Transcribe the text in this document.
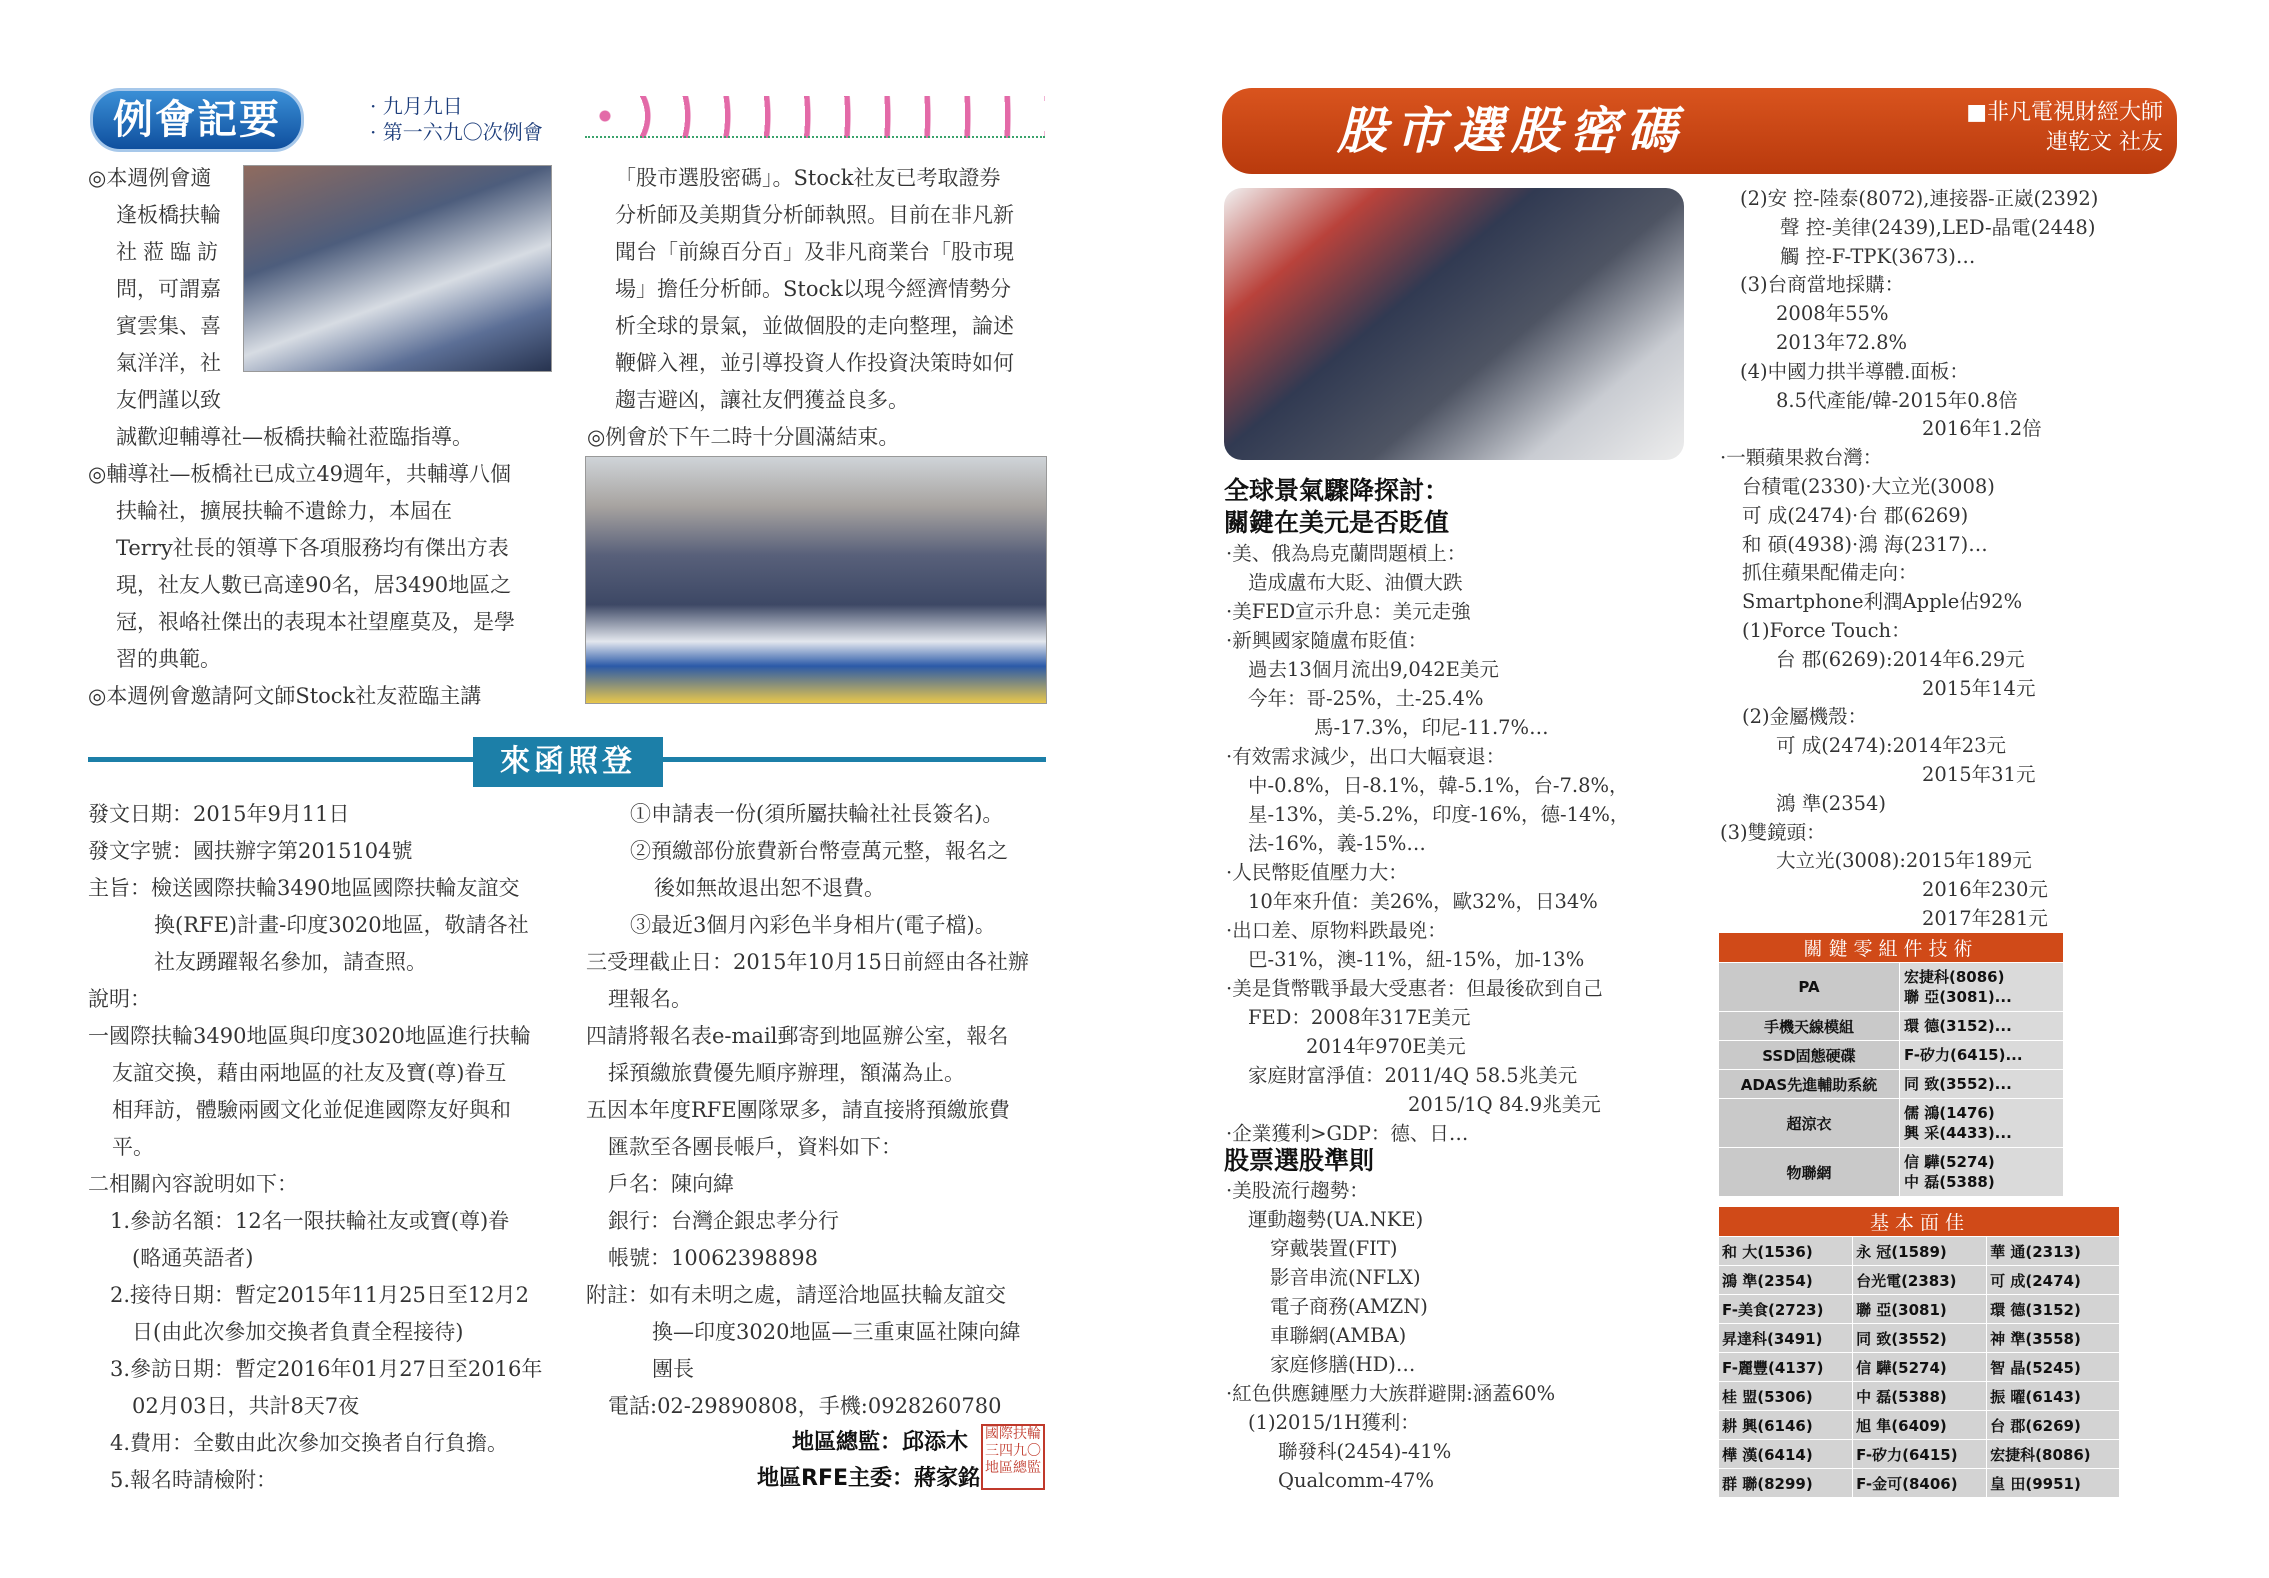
例會記要	· 九月九日
· 第一六九〇次例會
◎本週例會適
逢板橋扶輪
社蒞臨訪
問，可謂嘉
賓雲集、喜
氣洋洋，社
友們謹以致
誠歡迎輔導社—板橋扶輪社蒞臨指導。
◎輔導社—板橋社已成立49週年，共輔導八個
扶輪社，擴展扶輪不遺餘力，本屆在
Terry社長的領導下各項服務均有傑出方表
現，社友人數已高達90名，居3490地區之
冠，裉峈社傑出的表現本社望塵莫及，是學
習的典範。
◎本週例會邀請阿文師Stock社友蒞臨主講
「股市選股密碼」。Stock社友已考取證券
分析師及美期貨分析師執照。目前在非凡新
聞台「前線百分百」及非凡商業台「股市現
場」擔任分析師。Stock以現今經濟情勢分
析全球的景氣，並做個股的走向整理，論述
鞭僻入裡，並引導投資人作投資決策時如何
趨吉避凶，讓社友們獲益良多。
◎例會於下午二時十分圓滿結束。
來函照登
發文日期：2015年9月11日
發文字號：國扶辦字第2015104號
主旨：檢送國際扶輪3490地區國際扶輪友誼交
換(RFE)計畫-印度3020地區，敬請各社
社友踴躍報名參加，請查照。
說明：
一國際扶輪3490地區與印度3020地區進行扶輪
友誼交換，藉由兩地區的社友及寶(尊)眷互
相拜訪，體驗兩國文化並促進國際友好與和
平。
二相關內容說明如下：
1.參訪名額：12名一限扶輪社友或寶(尊)眷
(略通英語者)
2.接待日期：暫定2015年11月25日至12月2
日(由此次參加交換者負責全程接待)
3.參訪日期：暫定2016年01月27日至2016年
02月03日，共計8天7夜
4.費用：全數由此次參加交換者自行負擔。
5.報名時請檢附：
①申請表一份(須所屬扶輪社社長簽名)。
②預繳部份旅費新台幣壹萬元整，報名之
後如無故退出恕不退費。
③最近3個月內彩色半身相片(電子檔)。
三受理截止日：2015年10月15日前經由各社辦
理報名。
四請將報名表e-mail郵寄到地區辦公室，報名
採預繳旅費優先順序辦理，額滿為止。
五因本年度RFE團隊眾多，請直接將預繳旅費
匯款至各團長帳戶，資料如下：
戶名：陳向緯
銀行：台灣企銀忠孝分行
帳號：10062398898
附註：如有未明之處，請逕洽地區扶輪友誼交
換—印度3020地區—三重東區社陳向緯
團長
電話:02-29890808，手機:0928260780
地區總監：邱添木
地區RFE主委：蔣家銘
國際扶輪三四九〇地區總監
股市選股密碼	■非凡電視財經大師
連乾文 社友
全球景氣驟降探討：
關鍵在美元是否貶值
·美、俄為烏克蘭問題槓上：
造成盧布大貶、油價大跌
·美FED宣示升息：美元走強
·新興國家隨盧布貶值：
過去13個月流出9,042E美元
今年：哥-25%，土-25.4%
馬-17.3%，印尼-11.7%…
·有效需求減少，出口大幅衰退：
中-0.8%，日-8.1%，韓-5.1%，台-7.8%，
星-13%，美-5.2%，印度-16%，德-14%，
法-16%，義-15%…
·人民幣貶值壓力大：
10年來升值：美26%，歐32%，日34%
·出口差、原物料跌最兇：
巴-31%，澳-11%，紐-15%，加-13%
·美是貨幣戰爭最大受惠者：但最後砍到自己
FED：2008年317E美元
2014年970E美元
家庭財富淨值：2011/4Q 58.5兆美元
2015/1Q 84.9兆美元
·企業獲利>GDP：德、日…
股票選股準則
·美股流行趨勢：
運動趨勢(UA.NKE)
穿戴裝置(FIT)
影音串流(NFLX)
電子商務(AMZN)
車聯網(AMBA)
家庭修膳(HD)…
·紅色供應鏈壓力大族群避開:涵蓋60%
(1)2015/1H獲利：
聯發科(2454)-41%
Qualcomm-47%
(2)安 控-陸泰(8072),連接器-正崴(2392)
聲 控-美律(2439),LED-晶電(2448)
觸 控-F-TPK(3673)…
(3)台商當地採購：
2008年55%
2013年72.8%
(4)中國力拱半導體.面板：
8.5代產能/韓-2015年0.8倍
2016年1.2倍
·一顆蘋果救台灣：
台積電(2330)·大立光(3008)
可 成(2474)·台 郡(6269)
和 碩(4938)·鴻 海(2317)…
抓住蘋果配備走向：
Smartphone利潤Apple佔92%
(1)Force Touch：
台 郡(6269):2014年6.29元
2015年14元
(2)金屬機殼：
可 成(2474):2014年23元
2015年31元
鴻 準(2354)
(3)雙鏡頭：
大立光(3008):2015年189元
2016年230元
2017年281元
關鍵零組件技術	
PA	宏捷科(8086)
聯 亞(3081)...

手機天線模組	環 德(3152)...

SSD固態硬碟	F-矽力(6415)...

ADAS先進輔助系統	同 致(3552)...

超涼衣	儒 鴻(1476)
興 采(4433)...

物聯網	信 驊(5274)
中 磊(5388)
基本面佳		
和 大(1536)	永 冠(1589)	華 通(2313)
鴻 準(2354)	台光電(2383)	可 成(2474)
F-美食(2723)	聯 亞(3081)	環 德(3152)
昇達科(3491)	同 致(3552)	神 準(3558)
F-麗豐(4137)	信 驊(5274)	智 晶(5245)
桂 盟(5306)	中 磊(5388)	振 曜(6143)
耕 興(6146)	旭 隼(6409)	台 郡(6269)
樺 漢(6414)	F-矽力(6415)	宏捷科(8086)
群 聯(8299)	F-金可(8406)	皇 田(9951)
